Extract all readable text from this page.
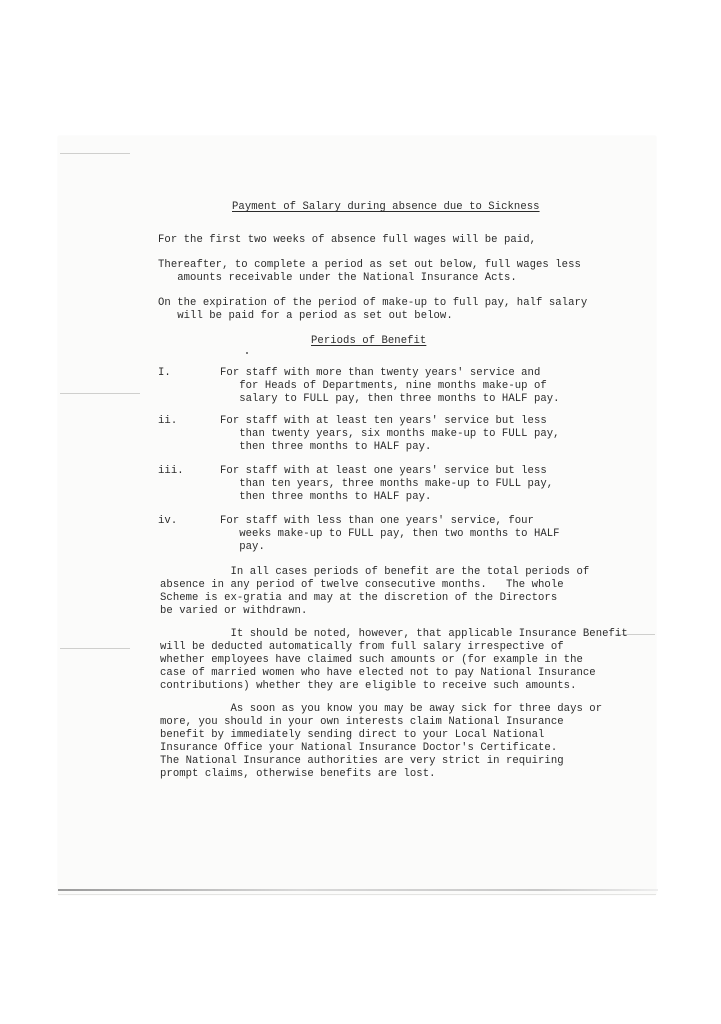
Payment of Salary during absence due to Sickness
For the first two weeks of absence full wages will be paid,
Thereafter, to complete a period as set out below, full wages less
amounts receivable under the National Insurance Acts.
On the expiration of the period of make-up to full pay, half salary
will be paid for a period as set out below.
Periods of Benefit
I.	For staff with more than twenty years' service and
for Heads of Departments, nine months make-up of
salary to FULL pay, then three months to HALF pay.
ii.	For staff with at least ten years' service but less
than twenty years, six months make-up to FULL pay,
then three months to HALF pay.
iii.	For staff with at least one years' service but less
than ten years, three months make-up to FULL pay,
then three months to HALF pay.
iv.	For staff with less than one years' service, four
weeks make-up to FULL pay, then two months to HALF
pay.
In all cases periods of benefit are the total periods of
absence in any period of twelve consecutive months.   The whole
Scheme is ex-gratia and may at the discretion of the Directors
be varied or withdrawn.
It should be noted, however, that applicable Insurance Benefit
will be deducted automatically from full salary irrespective of
whether employees have claimed such amounts or (for example in the
case of married women who have elected not to pay National Insurance
contributions) whether they are eligible to receive such amounts.
As soon as you know you may be away sick for three days or
more, you should in your own interests claim National Insurance
benefit by immediately sending direct to your Local National
Insurance Office your National Insurance Doctor's Certificate.
The National Insurance authorities are very strict in requiring
prompt claims, otherwise benefits are lost.
